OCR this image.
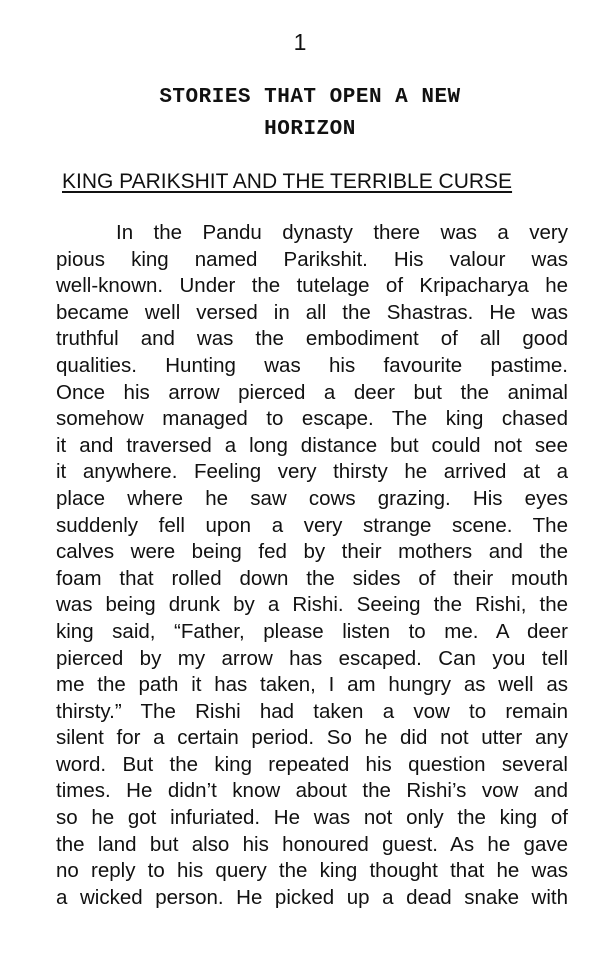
1
STORIES THAT OPEN A NEW
HORIZON
KING PARIKSHIT AND THE TERRIBLE CURSE
In the Pandu dynasty there was a very
pious king named Parikshit. His valour was
well-known. Under the tutelage of Kripacharya he
became well versed in all the Shastras. He was
truthful and was the embodiment of all good
qualities. Hunting was his favourite pastime.
Once his arrow pierced a deer but the animal
somehow managed to escape. The king chased
it and traversed a long distance but could not see
it anywhere. Feeling very thirsty he arrived at a
place where he saw cows grazing. His eyes
suddenly fell upon a very strange scene. The
calves were being fed by their mothers and the
foam that rolled down the sides of their mouth
was being drunk by a Rishi. Seeing the Rishi, the
king said, “Father, please listen to me. A deer
pierced by my arrow has escaped. Can you tell
me the path it has taken, I am hungry as well as
thirsty.” The Rishi had taken a vow to remain
silent for a certain period. So he did not utter any
word. But the king repeated his question several
times. He didn’t know about the Rishi’s vow and
so he got infuriated. He was not only the king of
the land but also his honoured guest. As he gave
no reply to his query the king thought that he was
a wicked person. He picked up a dead snake with
